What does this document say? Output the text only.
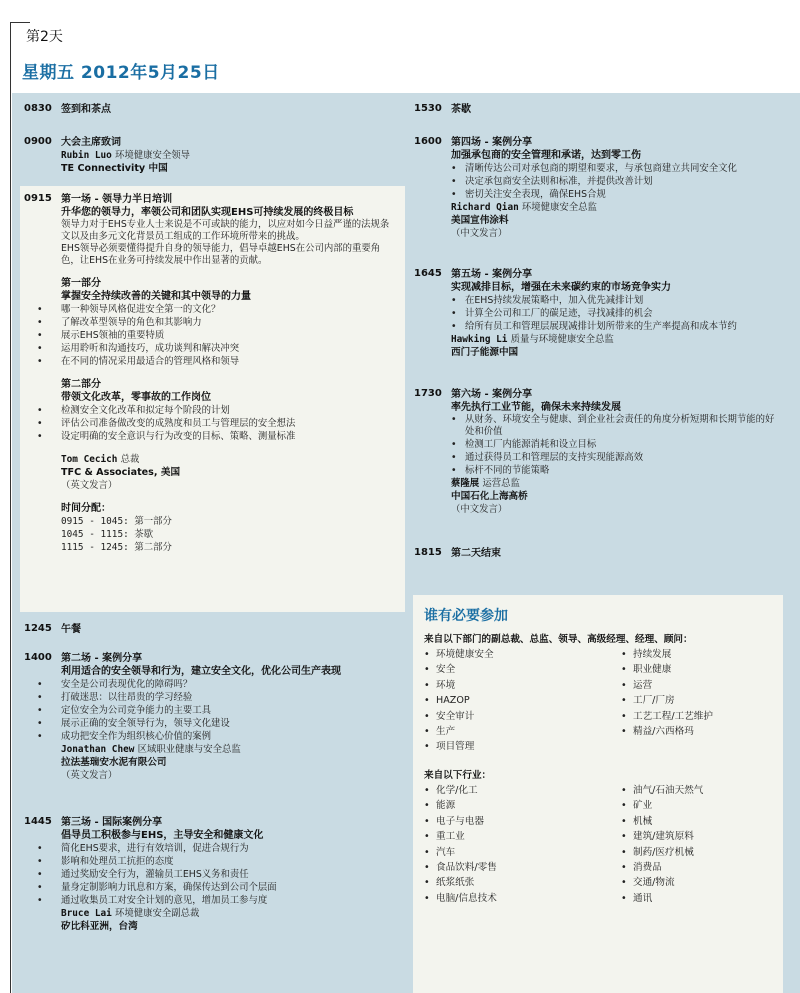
第2天
星期五 2012年5月25日
0830 签到和茶点
0900 大会主席致词
Rubin Luo 环境健康安全领导
TE Connectivity 中国
0915 第一场 - 领导力半日培训
升华您的领导力，率领公司和团队实现EHS可持续发展的终极目标
领导力对于EHS专业人士来说是不可或缺的能力，以应对如今日益严谨的法规条文以及由多元文化背景员工组成的工作环境所带来的挑战。
EHS领导必须要懂得提升自身的领导能力，倡导卓越EHS在公司内部的重要角色，让EHS在业务可持续发展中作出显著的贡献。
第一部分
掌握安全持续改善的关键和其中领导的力量
• 哪一种领导风格促进安全第一的文化？
• 了解改革型领导的角色和其影响力
• 展示EHS领袖的重要特质
• 运用聆听和沟通技巧，成功谈判和解决冲突
• 在不同的情况采用最适合的管理风格和领导
第二部分
带领文化改革，零事故的工作岗位
• 检测安全文化改革和拟定每个阶段的计划
• 评估公司准备做改变的成熟度和员工与管理层的安全想法
• 设定明确的安全意识与行为改变的目标、策略、测量标准
Tom Cecich 总裁
TFC & Associates, 美国
（英文发言）
时间分配：
0915 - 1045: 第一部分
1045 - 1115: 茶歇
1115 - 1245: 第二部分
1245 午餐
1400 第二场 - 案例分享
利用适合的安全领导和行为，建立安全文化，优化公司生产表现
• 安全是公司表现优化的障碍吗？
• 打破迷思：以往昂贵的学习经验
• 定位安全为公司竞争能力的主要工具
• 展示正确的安全领导行为，领导文化建设
• 成功把安全作为组织核心价值的案例
Jonathan Chew 区域职业健康与安全总监
拉法基瑞安水泥有限公司
（英文发言）
1445 第三场 - 国际案例分享
倡导员工积极参与EHS，主导安全和健康文化
• 简化EHS要求，进行有效培训，促进合规行为
• 影响和处理员工抗拒的态度
• 通过奖励安全行为，灌输员工EHS义务和责任
• 量身定制影响力讯息和方案，确保传达到公司个层面
• 通过收集员工对安全计划的意见，增加员工参与度
Bruce Lai 环境健康安全副总裁
矽比科亚洲，台湾
1530 茶歇
1600 第四场 - 案例分享
加强承包商的安全管理和承诺，达到零工伤
• 清晰传达公司对承包商的期望和要求，与承包商建立共同安全文化
• 决定承包商安全法则和标准，并提供改善计划
• 密切关注安全表现，确保EHS合规
Richard Qian 环境健康安全总监
美国宣伟涂料
（中文发言）
1645 第五场 - 案例分享
实现减排目标，增强在未来碳约束的市场竞争实力
• 在EHS持续发展策略中，加入优先减排计划
• 计算全公司和工厂的碳足迹，寻找减排的机会
• 给所有员工和管理层展现减排计划所带来的生产率提高和成本节约
Hawking Li 质量与环境健康安全总监
西门子能源中国
1730 第六场 - 案例分享
率先执行工业节能，确保未来持续发展
• 从财务、环境安全与健康、到企业社会责任的角度分析短期和长期节能的好处和价值
• 检测工厂内能源消耗和设立目标
• 通过获得员工和管理层的支持实现能源高效
• 标杆不同的节能策略
蔡隆展 运营总监
中国石化上海高桥
（中文发言）
1815 第二天结束
谁有必要参加
来自以下部门的副总裁、总监、领导、高级经理、经理、顾问：
• 环境健康安全
• 安全
• 环境
• HAZOP
• 安全审计
• 生产
• 项目管理
• 持续发展
• 职业健康
• 运营
• 工厂/厂房
• 工艺工程/工艺维护
• 精益/六西格玛
来自以下行业：
• 化学/化工
• 能源
• 电子与电器
• 重工业
• 汽车
• 食品饮料/零售
• 纸浆纸张
• 电脑/信息技术
• 油气/石油天然气
• 矿业
• 机械
• 建筑/建筑原料
• 制药/医疗机械
• 消费品
• 交通/物流
• 通讯
